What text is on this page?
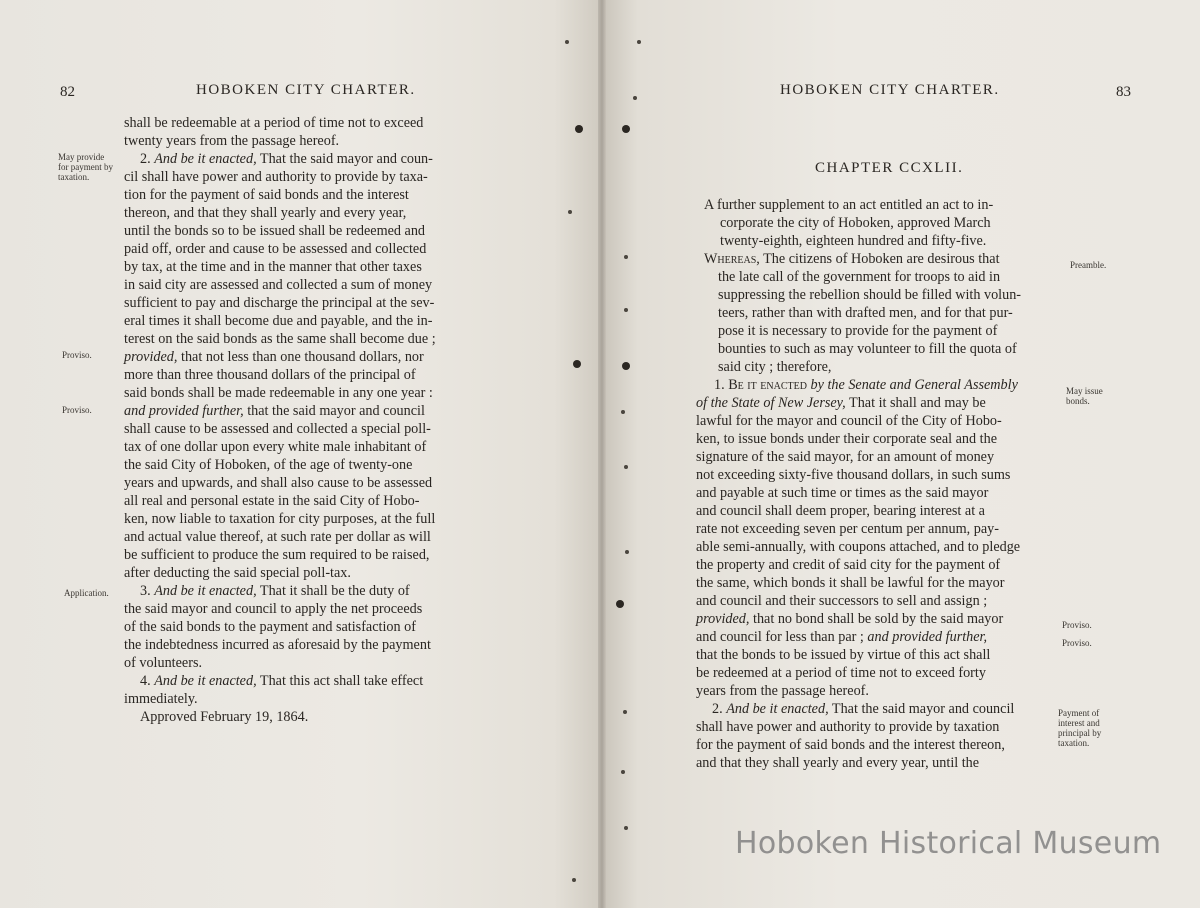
82	HOBOKEN CITY CHARTER.
May provide for payment by taxation.
Proviso.
Proviso.
Application.
shall be redeemable at a period of time not to exceed
twenty years from the passage hereof.
2. And be it enacted, That the said mayor and coun-
cil shall have power and authority to provide by taxa-
tion for the payment of said bonds and the interest
thereon, and that they shall yearly and every year,
until the bonds so to be issued shall be redeemed and
paid off, order and cause to be assessed and collected
by tax, at the time and in the manner that other taxes
in said city are assessed and collected a sum of money
sufficient to pay and discharge the principal at the sev-
eral times it shall become due and payable, and the in-
terest on the said bonds as the same shall become due ;
provided, that not less than one thousand dollars, nor
more than three thousand dollars of the principal of
said bonds shall be made redeemable in any one year :
and provided further, that the said mayor and council
shall cause to be assessed and collected a special poll-
tax of one dollar upon every white male inhabitant of
the said City of Hoboken, of the age of twenty-one
years and upwards, and shall also cause to be assessed
all real and personal estate in the said City of Hobo-
ken, now liable to taxation for city purposes, at the full
and actual value thereof, at such rate per dollar as will
be sufficient to produce the sum required to be raised,
after deducting the said special poll-tax.
3. And be it enacted, That it shall be the duty of
the said mayor and council to apply the net proceeds
of the said bonds to the payment and satisfaction of
the indebtedness incurred as aforesaid by the payment
of volunteers.
4. And be it enacted, That this act shall take effect
immediately.
Approved February 19, 1864.
HOBOKEN CITY CHARTER.	83
CHAPTER CCXLII.
Preamble.
May issue bonds.
Proviso.
Proviso.
Payment of interest and principal by taxation.
A further supplement to an act entitled an act to in-
corporate the city of Hoboken, approved March
twenty-eighth, eighteen hundred and fifty-five.
Whereas, The citizens of Hoboken are desirous that
the late call of the government for troops to aid in
suppressing the rebellion should be filled with volun-
teers, rather than with drafted men, and for that pur-
pose it is necessary to provide for the payment of
bounties to such as may volunteer to fill the quota of
said city ; therefore,
1. Be it enacted by the Senate and General Assembly
of the State of New Jersey, That it shall and may be
lawful for the mayor and council of the City of Hobo-
ken, to issue bonds under their corporate seal and the
signature of the said mayor, for an amount of money
not exceeding sixty-five thousand dollars, in such sums
and payable at such time or times as the said mayor
and council shall deem proper, bearing interest at a
rate not exceeding seven per centum per annum, pay-
able semi-annually, with coupons attached, and to pledge
the property and credit of said city for the payment of
the same, which bonds it shall be lawful for the mayor
and council and their successors to sell and assign ;
provided, that no bond shall be sold by the said mayor
and council for less than par ; and provided further,
that the bonds to be issued by virtue of this act shall
be redeemed at a period of time not to exceed forty
years from the passage hereof.
2. And be it enacted, That the said mayor and council
shall have power and authority to provide by taxation
for the payment of said bonds and the interest thereon,
and that they shall yearly and every year, until the
Hoboken Historical Museum
